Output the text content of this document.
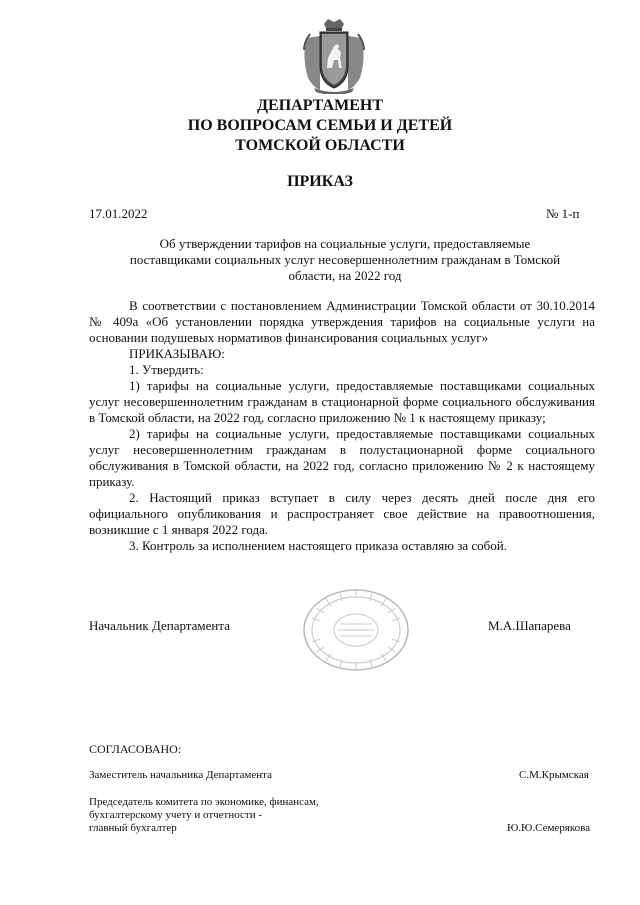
ДЕПАРТАМЕНТ
ПО ВОПРОСАМ СЕМЬИ И ДЕТЕЙ
ТОМСКОЙ ОБЛАСТИ
ПРИКАЗ
17.01.2022	№ 1-п
Об утверждении тарифов на социальные услуги, предоставляемые
поставщиками социальных услуг несовершеннолетним гражданам в Томской
области, на 2022 год

В соответствии с постановлением Администрации Томской области от 30.10.2014 № 409а «Об установлении порядка утверждения тарифов на социальные услуги на основании подушевых нормативов финансирования социальных услуг»

ПРИКАЗЫВАЮ:

1. Утвердить:

1) тарифы на социальные услуги, предоставляемые поставщиками социальных услуг несовершеннолетним гражданам в стационарной форме социального обслуживания в Томской области, на 2022 год, согласно приложению № 1 к настоящему приказу;

2) тарифы на социальные услуги, предоставляемые поставщиками социальных услуг несовершеннолетним гражданам в полустационарной форме социального обслуживания в Томской области, на 2022 год, согласно приложению № 2 к настоящему приказу.

2. Настоящий приказ вступает в силу через десять дней после дня его официального опубликования и распространяет свое действие на правоотношения, возникшие с 1 января 2022 года.

3. Контроль за исполнением настоящего приказа оставляю за собой.

Начальник Департамента	М.А.Шапарева
СОГЛАСОВАНО:
Заместитель начальника Департамента	С.М.Крымская
Председатель комитета по экономике, финансам,
бухгалтерскому учету и отчетности -
главный бухгалтер	Ю.Ю.Семерякова
